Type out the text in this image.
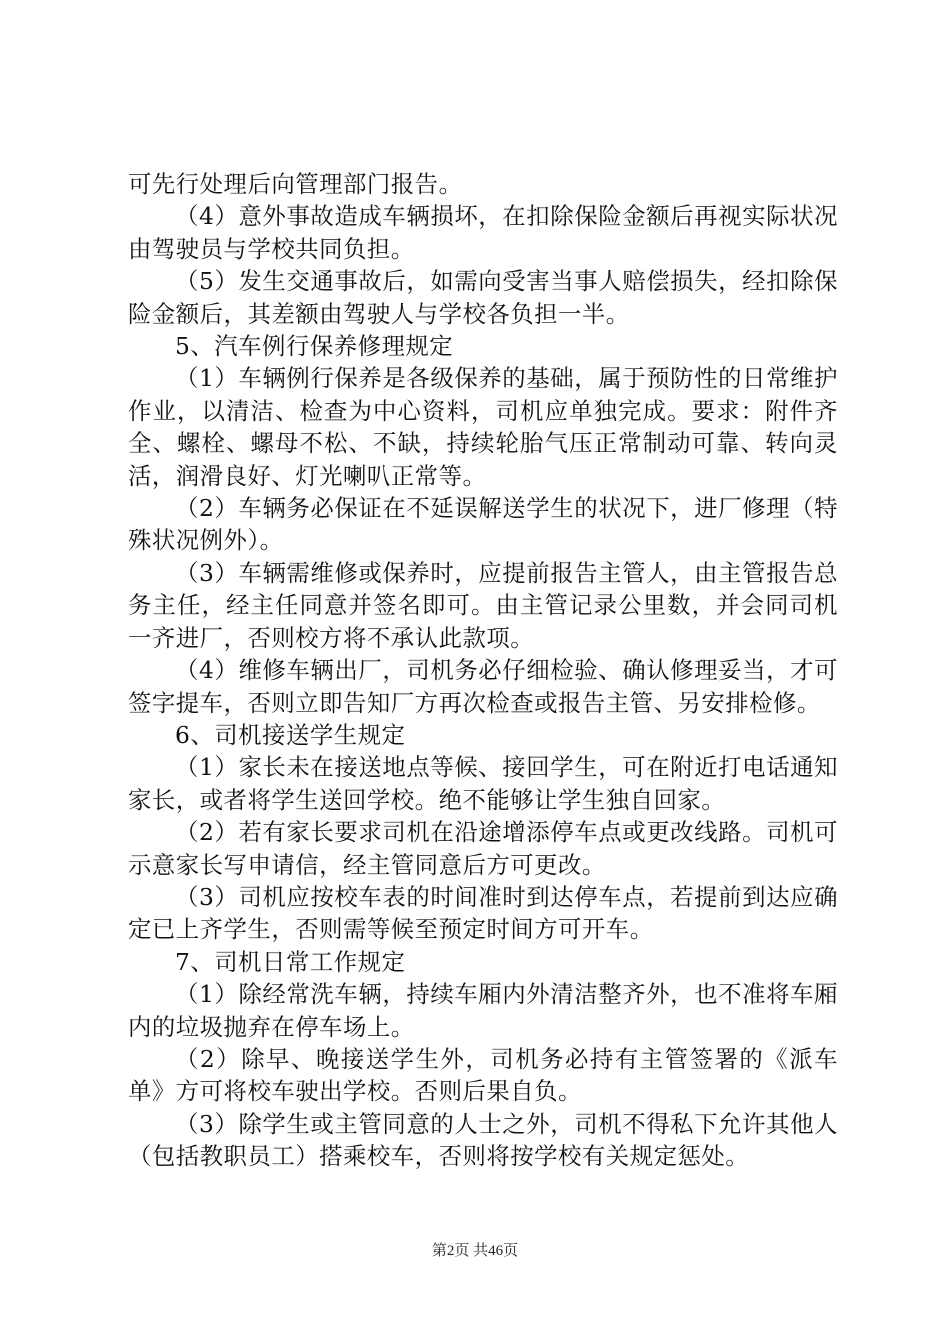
可先行处理后向管理部门报告。

（4）意外事故造成车辆损坏，在扣除保险金额后再视实际状况由驾驶员与学校共同负担。

（5）发生交通事故后，如需向受害当事人赔偿损失，经扣除保险金额后，其差额由驾驶人与学校各负担一半。

5、汽车例行保养修理规定

（1）车辆例行保养是各级保养的基础，属于预防性的日常维护作业，以清洁、检查为中心资料，司机应单独完成。要求：附件齐全、螺栓、螺母不松、不缺，持续轮胎气压正常制动可靠、转向灵活，润滑良好、灯光喇叭正常等。

（2）车辆务必保证在不延误解送学生的状况下，进厂修理（特殊状况例外）。

（3）车辆需维修或保养时，应提前报告主管人，由主管报告总务主任，经主任同意并签名即可。由主管记录公里数，并会同司机一齐进厂，否则校方将不承认此款项。

（4）维修车辆出厂，司机务必仔细检验、确认修理妥当，才可签字提车，否则立即告知厂方再次检查或报告主管、另安排检修。

6、司机接送学生规定

（1）家长未在接送地点等候、接回学生，可在附近打电话通知家长，或者将学生送回学校。绝不能够让学生独自回家。

（2）若有家长要求司机在沿途增添停车点或更改线路。司机可示意家长写申请信，经主管同意后方可更改。

（3）司机应按校车表的时间准时到达停车点，若提前到达应确定已上齐学生，否则需等候至预定时间方可开车。

7、司机日常工作规定

（1）除经常洗车辆，持续车厢内外清洁整齐外，也不准将车厢内的垃圾抛弃在停车场上。

（2）除早、晚接送学生外，司机务必持有主管签署的《派车单》方可将校车驶出学校。否则后果自负。

（3）除学生或主管同意的人士之外，司机不得私下允许其他人（包括教职员工）搭乘校车，否则将按学校有关规定惩处。

第2页 共46页
